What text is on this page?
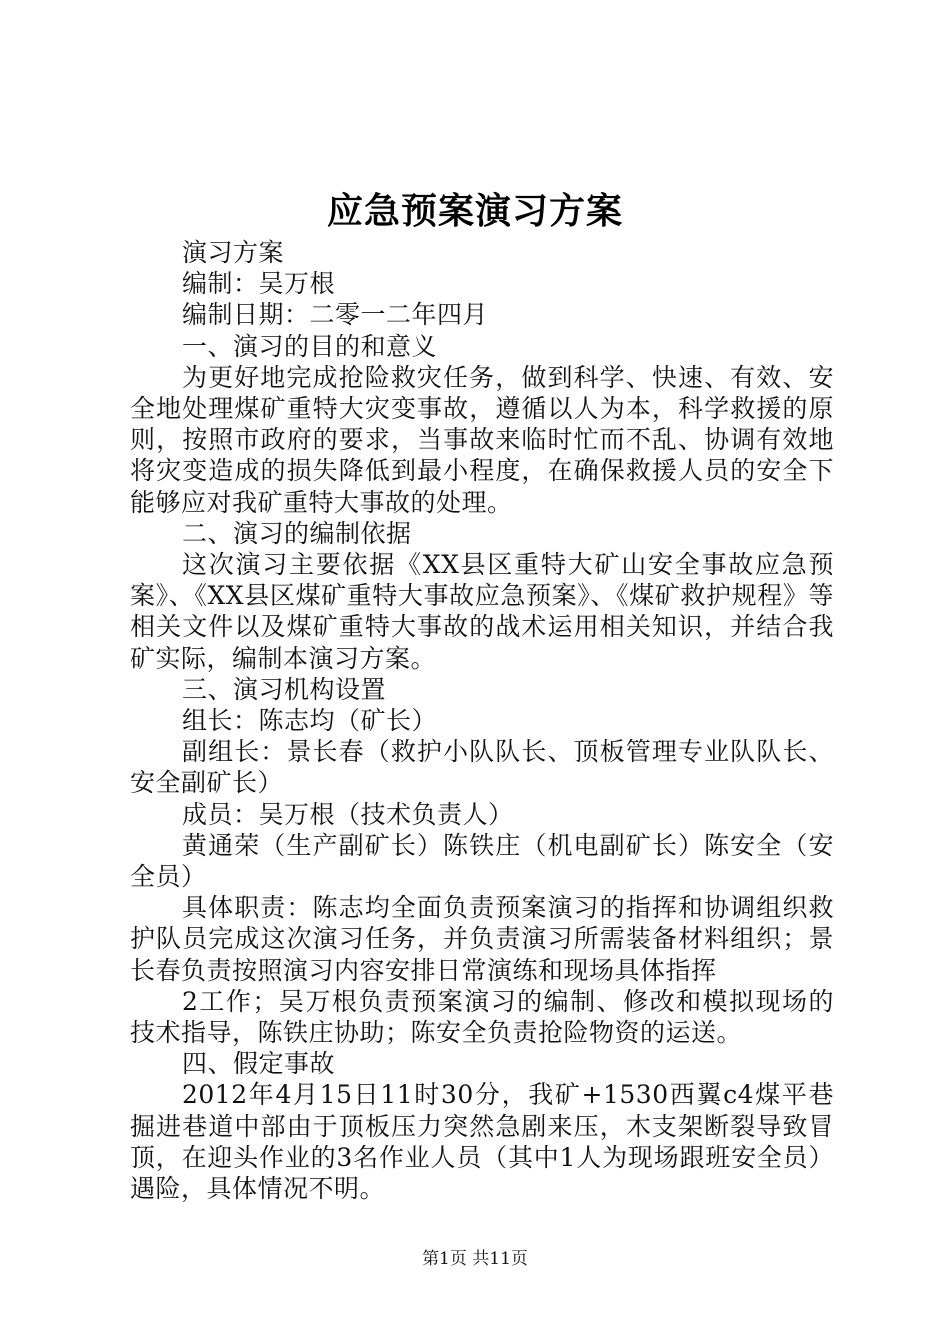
应急预案演习方案

演习方案

编制：吴万根

编制日期：二零一二年四月

一、演习的目的和意义

为更好地完成抢险救灾任务，做到科学、快速、有效、安全地处理煤矿重特大灾变事故，遵循以人为本，科学救援的原则，按照市政府的要求，当事故来临时忙而不乱、协调有效地将灾变造成的损失降低到最小程度，在确保救援人员的安全下能够应对我矿重特大事故的处理。

二、演习的编制依据

这次演习主要依据《XX县区重特大矿山安全事故应急预案》、《XX县区煤矿重特大事故应急预案》、《煤矿救护规程》等相关文件以及煤矿重特大事故的战术运用相关知识，并结合我矿实际，编制本演习方案。

三、演习机构设置

组长：陈志均（矿长）

副组长：景长春（救护小队队长、顶板管理专业队队长、安全副矿长）

成员：吴万根（技术负责人）

黄通荣（生产副矿长）陈铁庄（机电副矿长）陈安全（安全员）

具体职责：陈志均全面负责预案演习的指挥和协调组织救护队员完成这次演习任务，并负责演习所需装备材料组织；景长春负责按照演习内容安排日常演练和现场具体指挥

2工作；吴万根负责预案演习的编制、修改和模拟现场的技术指导，陈铁庄协助；陈安全负责抢险物资的运送。

四、假定事故

2012年4月15日11时30分，我矿+1530西翼c4煤平巷掘进巷道中部由于顶板压力突然急剧来压，木支架断裂导致冒顶，在迎头作业的3名作业人员（其中1人为现场跟班安全员）遇险，具体情况不明。

第1页 共11页
